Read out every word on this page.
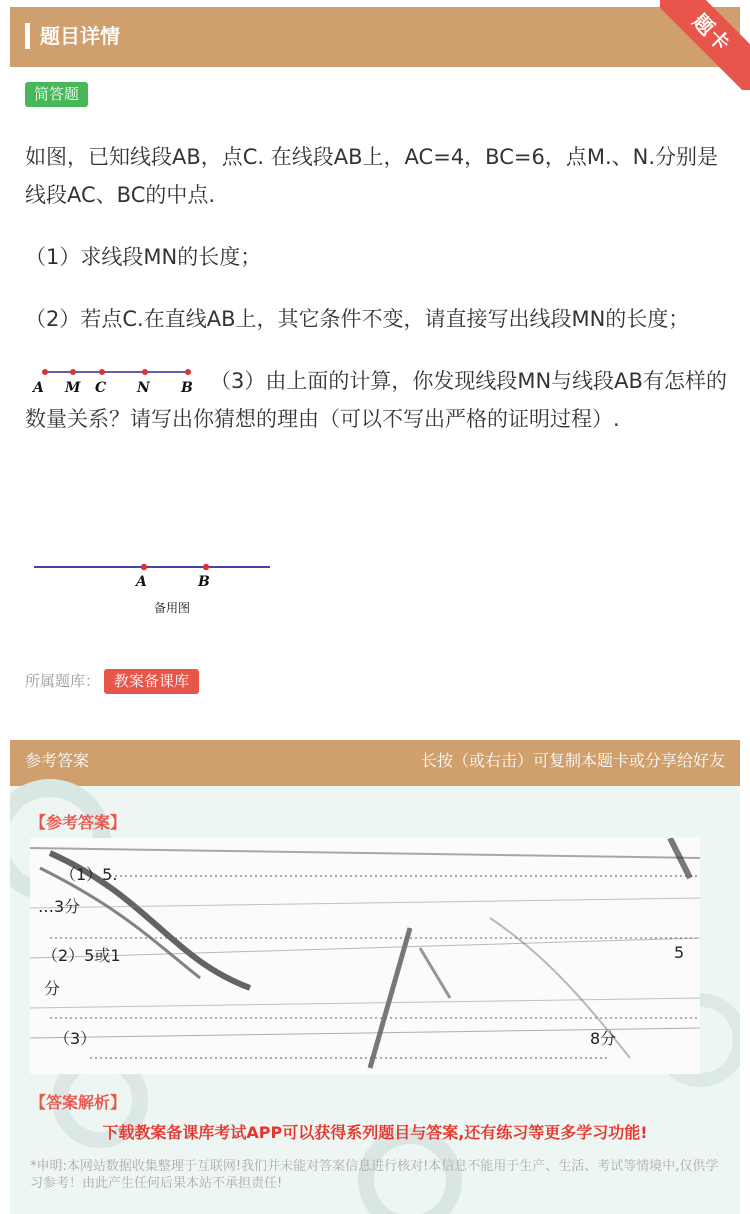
题目详情	题卡
简答题

如图，已知线段AB，点C. 在线段AB上，AC=4，BC=6，点M.、N.分别是线段AC、BC的中点.

（1）求线段MN的长度；

（2）若点C.在直线AB上，其它条件不变，请直接写出线段MN的长度；

A M C N B （3）由上面的计算，你发现线段MN与线段AB有怎样的数量关系？请写出你猜想的理由（可以不写出严格的证明过程）.

A	B
备用图
所属题库： 教案备课库
参考答案	长按（或右击）可复制本题卡或分享给好友
【参考答案】
（1）5.
…3分
（2）5或1	5
分
（3）	8分
【答案解析】
下载教案备课库考试APP可以获得系列题目与答案,还有练习等更多学习功能!
*申明:本网站数据收集整理于互联网!我们并未能对答案信息进行核对!本信息不能用于生产、生活、考试等情境中,仅供学习参考！由此产生任何后果本站不承担责任!
